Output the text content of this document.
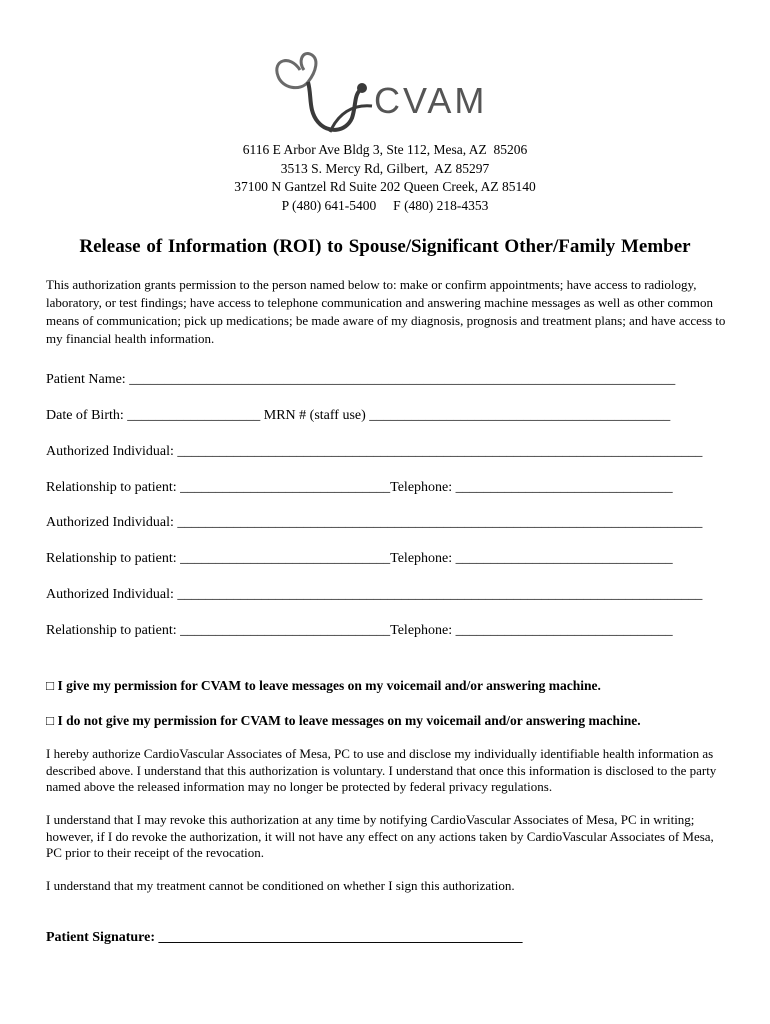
CVAM
6116 E Arbor Ave Bldg 3, Ste 112, Mesa, AZ  85206
3513 S. Mercy Rd, Gilbert,  AZ 85297
37100 N Gantzel Rd Suite 202 Queen Creek, AZ 85140
P (480) 641-5400     F (480) 218-4353
Release of Information (ROI) to Spouse/Significant Other/Family Member
This authorization grants permission to the person named below to: make or confirm appointments; have access to radiology, laboratory, or test findings; have access to telephone communication and answering machine messages as well as other common means of communication; pick up medications; be made aware of my diagnosis, prognosis and treatment plans; and have access to my financial health information.
Patient Name: ______________________________________________________________________________
Date of Birth: ___________________ MRN # (staff use) ___________________________________________
Authorized Individual: ___________________________________________________________________________
Relationship to patient: ______________________________Telephone: _______________________________
Authorized Individual: ___________________________________________________________________________
Relationship to patient: ______________________________Telephone: _______________________________
Authorized Individual: ___________________________________________________________________________
Relationship to patient: ______________________________Telephone: _______________________________
□ I give my permission for CVAM to leave messages on my voicemail and/or answering machine.
□ I do not give my permission for CVAM to leave messages on my voicemail and/or answering machine.
I hereby authorize CardioVascular Associates of Mesa, PC to use and disclose my individually identifiable health information as described above. I understand that this authorization is voluntary. I understand that once this information is disclosed to the party named above the released information may no longer be protected by federal privacy regulations.
I understand that I may revoke this authorization at any time by notifying CardioVascular Associates of Mesa, PC in writing; however, if I do revoke the authorization, it will not have any effect on any actions taken by CardioVascular Associates of Mesa, PC prior to their receipt of the revocation.
I understand that my treatment cannot be conditioned on whether I sign this authorization.
Patient Signature: ____________________________________________________
